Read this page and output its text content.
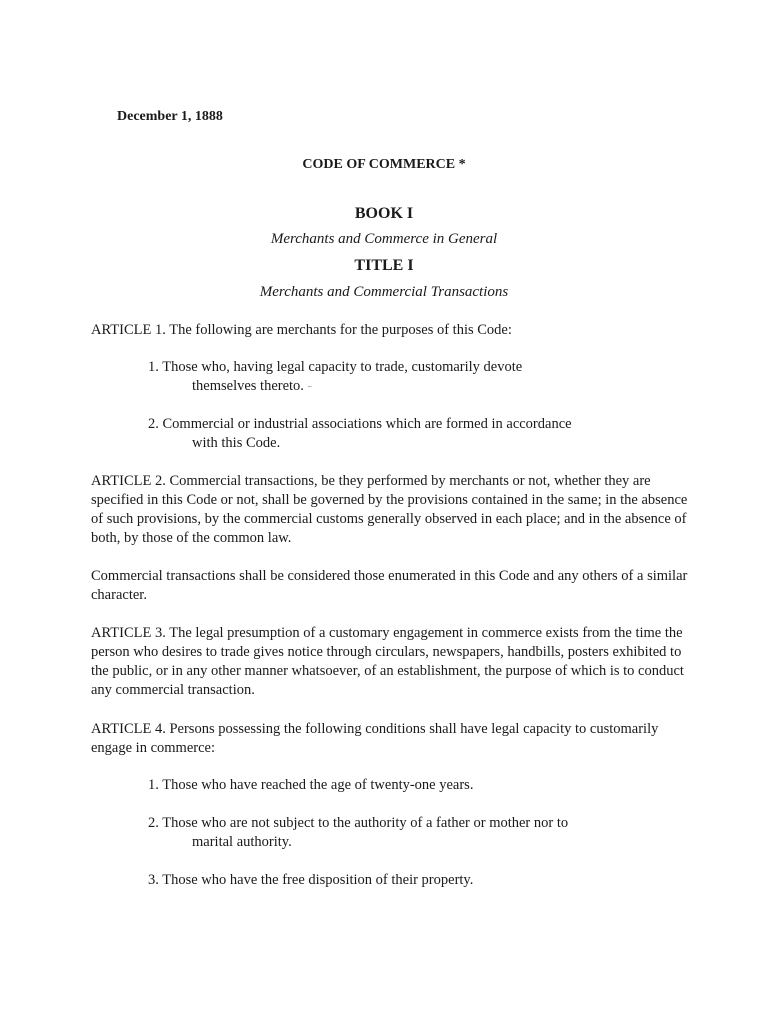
December 1, 1888
CODE OF COMMERCE *
BOOK I
Merchants and Commerce in General
TITLE I
Merchants and Commercial Transactions
ARTICLE 1. The following are merchants for the purposes of this Code:
1. Those who, having legal capacity to trade, customarily devote
themselves thereto. •••
2. Commercial or industrial associations which are formed in accordance
with this Code.
ARTICLE 2. Commercial transactions, be they performed by merchants or not, whether they are specified in this Code or not, shall be governed by the provisions contained in the same; in the absence of such provisions, by the commercial customs generally observed in each place; and in the absence of both, by those of the common law.
Commercial transactions shall be considered those enumerated in this Code and any others of a similar character.
ARTICLE 3. The legal presumption of a customary engagement in commerce exists from the time the person who desires to trade gives notice through circulars, newspapers, handbills, posters exhibited to the public, or in any other manner whatsoever, of an establishment, the purpose of which is to conduct any commercial transaction.
ARTICLE 4. Persons possessing the following conditions shall have legal capacity to customarily engage in commerce:
1. Those who have reached the age of twenty-one years.
2. Those who are not subject to the authority of a father or mother nor to
marital authority.
3. Those who have the free disposition of their property.
